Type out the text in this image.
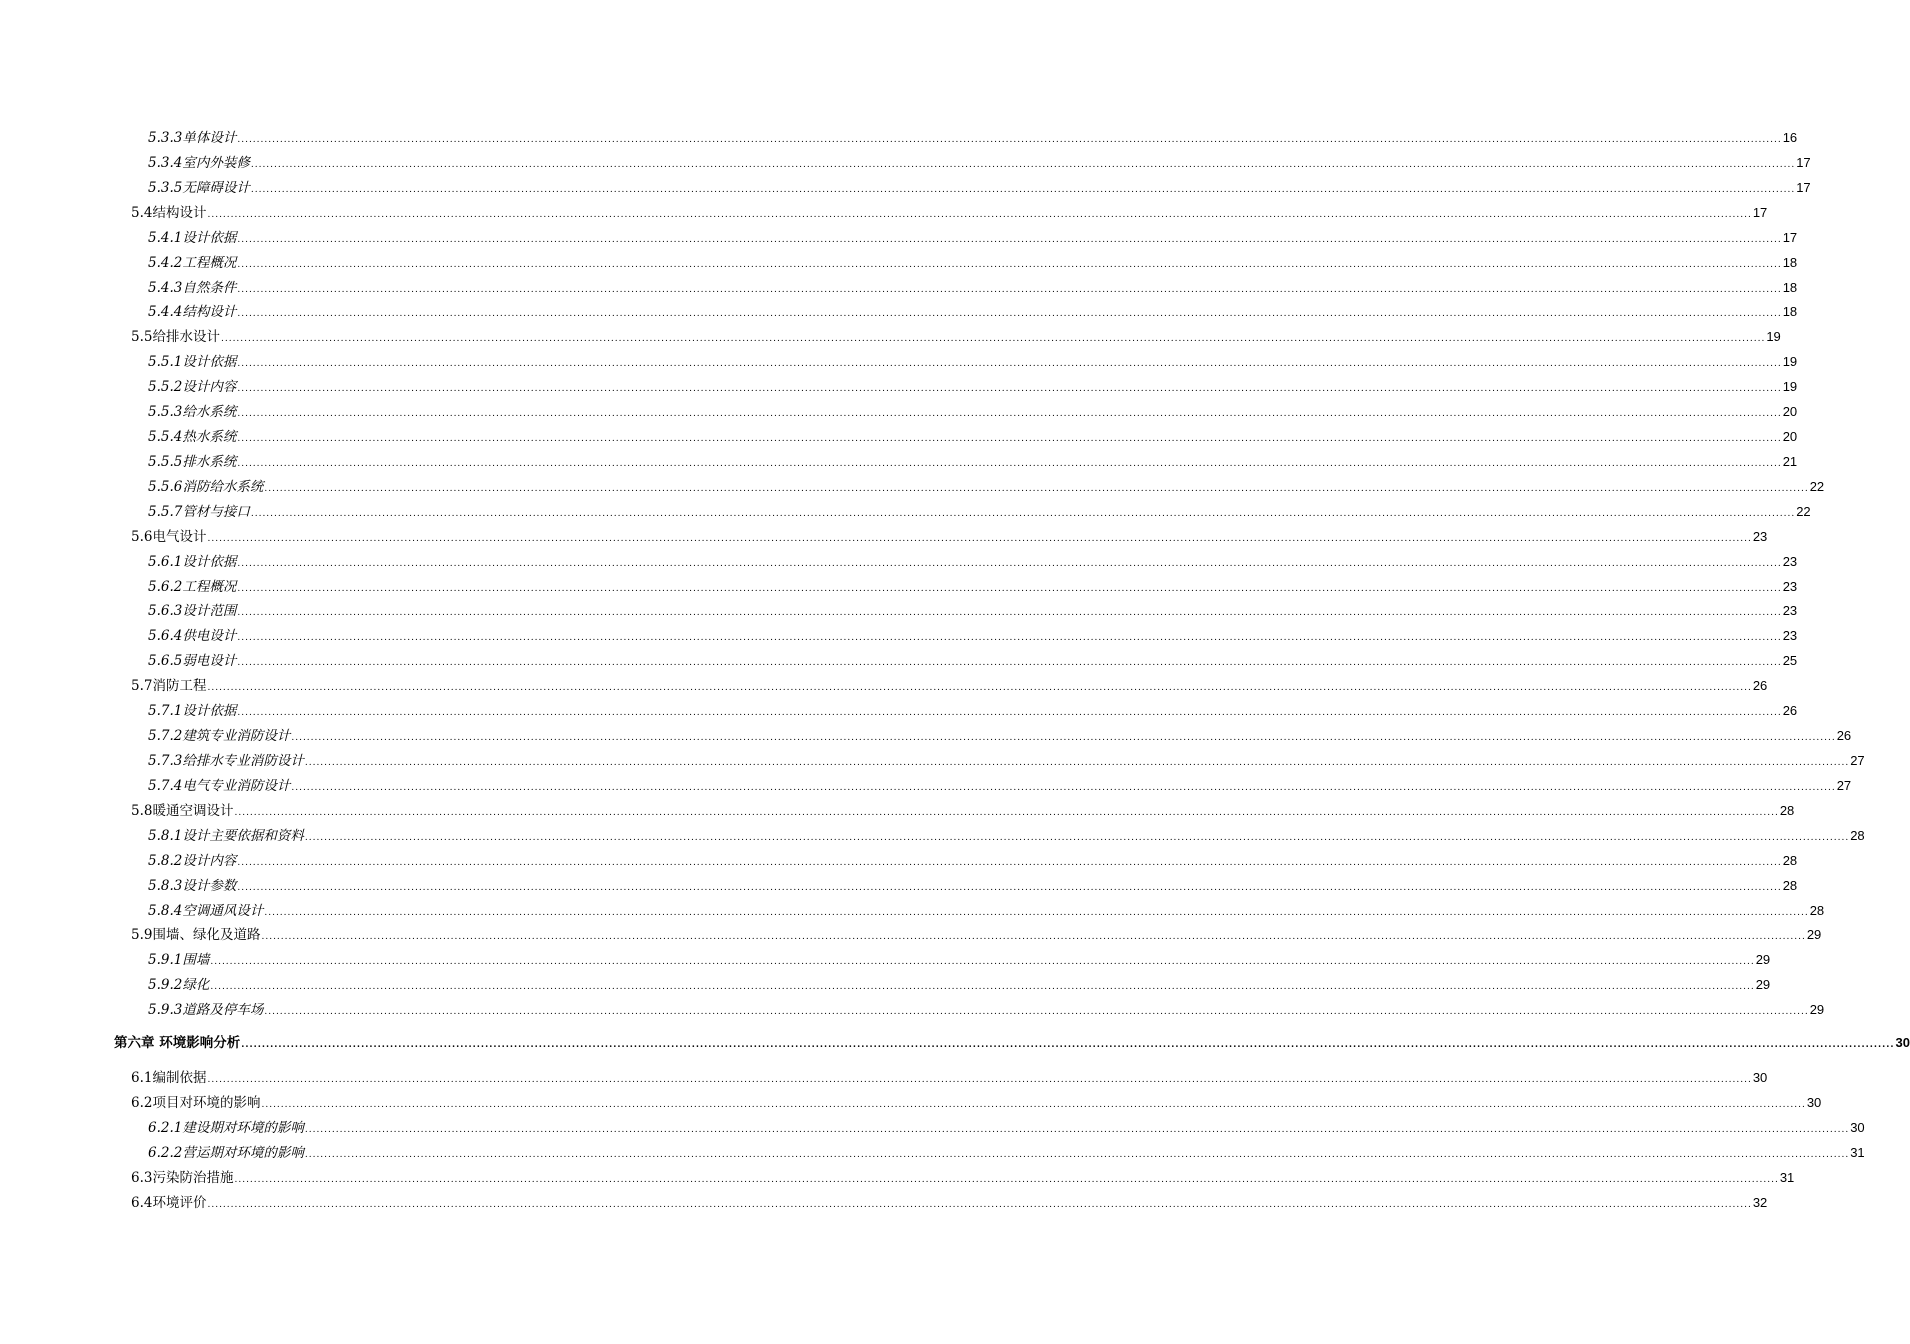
5.3.3单体设计 ................................................................................................................................................................................................................................................................................................................................................................................................................ 16
5.3.4室内外装修 ................................................................................................................................................................................................................................................................................................................................................................................................................ 17
5.3.5无障碍设计 ................................................................................................................................................................................................................................................................................................................................................................................................................ 17
5.4结构设计 ................................................................................................................................................................................................................................................................................................................................................................................................................ 17
5.4.1设计依据 ................................................................................................................................................................................................................................................................................................................................................................................................................ 17
5.4.2工程概况 ................................................................................................................................................................................................................................................................................................................................................................................................................ 18
5.4.3自然条件 ................................................................................................................................................................................................................................................................................................................................................................................................................ 18
5.4.4结构设计 ................................................................................................................................................................................................................................................................................................................................................................................................................ 18
5.5给排水设计 ................................................................................................................................................................................................................................................................................................................................................................................................................ 19
5.5.1设计依据 ................................................................................................................................................................................................................................................................................................................................................................................................................ 19
5.5.2设计内容 ................................................................................................................................................................................................................................................................................................................................................................................................................ 19
5.5.3给水系统 ................................................................................................................................................................................................................................................................................................................................................................................................................ 20
5.5.4热水系统 ................................................................................................................................................................................................................................................................................................................................................................................................................ 20
5.5.5排水系统 ................................................................................................................................................................................................................................................................................................................................................................................................................ 21
5.5.6消防给水系统 ................................................................................................................................................................................................................................................................................................................................................................................................................ 22
5.5.7管材与接口 ................................................................................................................................................................................................................................................................................................................................................................................................................ 22
5.6电气设计 ................................................................................................................................................................................................................................................................................................................................................................................................................ 23
5.6.1设计依据 ................................................................................................................................................................................................................................................................................................................................................................................................................ 23
5.6.2工程概况 ................................................................................................................................................................................................................................................................................................................................................................................................................ 23
5.6.3设计范围 ................................................................................................................................................................................................................................................................................................................................................................................................................ 23
5.6.4供电设计 ................................................................................................................................................................................................................................................................................................................................................................................................................ 23
5.6.5弱电设计 ................................................................................................................................................................................................................................................................................................................................................................................................................ 25
5.7消防工程 ................................................................................................................................................................................................................................................................................................................................................................................................................ 26
5.7.1设计依据 ................................................................................................................................................................................................................................................................................................................................................................................................................ 26
5.7.2建筑专业消防设计 ................................................................................................................................................................................................................................................................................................................................................................................................................ 26
5.7.3给排水专业消防设计 ................................................................................................................................................................................................................................................................................................................................................................................................................ 27
5.7.4电气专业消防设计 ................................................................................................................................................................................................................................................................................................................................................................................................................ 27
5.8暖通空调设计 ................................................................................................................................................................................................................................................................................................................................................................................................................ 28
5.8.1设计主要依据和资料 ................................................................................................................................................................................................................................................................................................................................................................................................................ 28
5.8.2设计内容 ................................................................................................................................................................................................................................................................................................................................................................................................................ 28
5.8.3设计参数 ................................................................................................................................................................................................................................................................................................................................................................................................................ 28
5.8.4空调通风设计 ................................................................................................................................................................................................................................................................................................................................................................................................................ 28
5.9围墙、绿化及道路 ................................................................................................................................................................................................................................................................................................................................................................................................................ 29
5.9.1围墙 ................................................................................................................................................................................................................................................................................................................................................................................................................ 29
5.9.2绿化 ................................................................................................................................................................................................................................................................................................................................................................................................................ 29
5.9.3道路及停车场 ................................................................................................................................................................................................................................................................................................................................................................................................................ 29
第六章 环境影响分析 ................................................................................................................................................................................................................................................................................................................................................................................................................ 30
6.1编制依据 ................................................................................................................................................................................................................................................................................................................................................................................................................ 30
6.2项目对环境的影响 ................................................................................................................................................................................................................................................................................................................................................................................................................ 30
6.2.1建设期对环境的影响 ................................................................................................................................................................................................................................................................................................................................................................................................................ 30
6.2.2营运期对环境的影响 ................................................................................................................................................................................................................................................................................................................................................................................................................ 31
6.3污染防治措施 ................................................................................................................................................................................................................................................................................................................................................................................................................ 31
6.4环境评价 ................................................................................................................................................................................................................................................................................................................................................................................................................ 32
